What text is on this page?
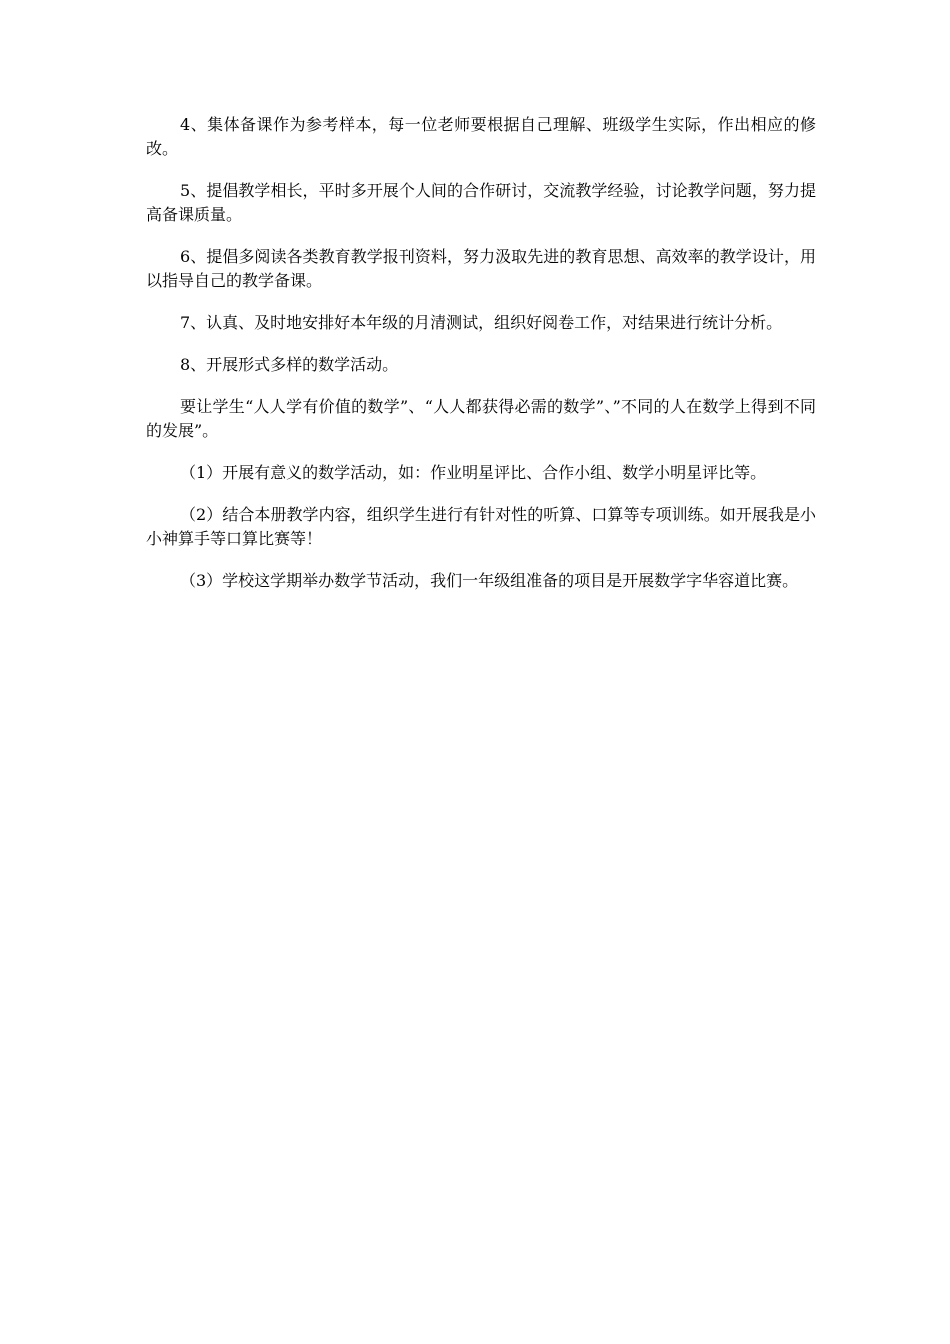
4、集体备课作为参考样本，每一位老师要根据自己理解、班级学生实际，作出相应的修改。

5、提倡教学相长，平时多开展个人间的合作研讨，交流教学经验，讨论教学问题，努力提高备课质量。

6、提倡多阅读各类教育教学报刊资料，努力汲取先进的教育思想、高效率的教学设计，用以指导自己的教学备课。

7、认真、及时地安排好本年级的月清测试，组织好阅卷工作，对结果进行统计分析。

8、开展形式多样的数学活动。

要让学生“人人学有价值的数学”、“人人都获得必需的数学”、”不同的人在数学上得到不同的发展”。

（1）开展有意义的数学活动，如：作业明星评比、合作小组、数学小明星评比等。

（2）结合本册教学内容，组织学生进行有针对性的听算、口算等专项训练。如开展我是小小神算手等口算比赛等！

（3）学校这学期举办数学节活动，我们一年级组准备的项目是开展数学字华容道比赛。
